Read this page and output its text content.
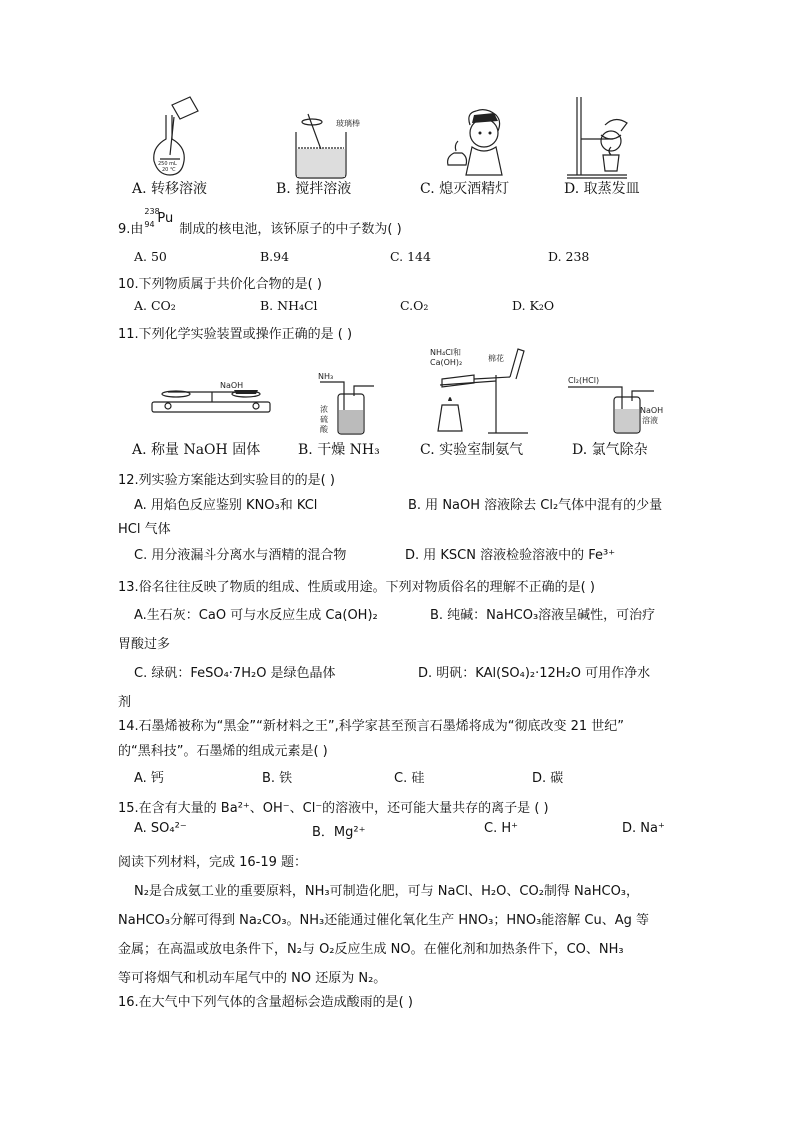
250 mL
20 ℃
玻璃棒
A. 转移溶液	B. 搅拌溶液	C. 熄灭酒精灯	D. 取蒸发皿
9.由
238
94 Pu
制成的核电池，该钚原子的中子数为( )
A. 50	B.94	C. 144	D. 238
10.下列物质属于共价化合物的是( )
A. CO₂	B. NH₄Cl	C.O₂	D. K₂O
11.下列化学实验装置或操作正确的是 ( )
NaOH
NH₃
浓
硫
酸
NH₄Cl和
Ca(OH)₂	棉花
Cl₂(HCl)
NaOH
溶液
A. 称量 NaOH 固体	B. 干燥 NH₃	C. 实验室制氨气	D. 氯气除杂
12.列实验方案能达到实验目的的是( )
A. 用焰色反应鉴别 KNO₃和 KCl	B. 用 NaOH 溶液除去 Cl₂气体中混有的少量
HCl 气体
C. 用分液漏斗分离水与酒精的混合物	D. 用 KSCN 溶液检验溶液中的 Fe³⁺
13.俗名往往反映了物质的组成、性质或用途。下列对物质俗名的理解不正确的是( )
A.生石灰：CaO 可与水反应生成 Ca(OH)₂	B. 纯碱：NaHCO₃溶液呈碱性，可治疗
胃酸过多
C. 绿矾：FeSO₄·7H₂O 是绿色晶体	D. 明矾：KAl(SO₄)₂·12H₂O 可用作净水
剂
14.石墨烯被称为“黑金”“新材料之王”,科学家甚至预言石墨烯将成为“彻底改变 21 世纪”
的“黑科技”。石墨烯的组成元素是( )
A. 钙	B. 铁	C. 硅	D. 碳
15.在含有大量的 Ba²⁺、OH⁻、Cl⁻的溶液中，还可能大量共存的离子是 ( )
A. SO₄²⁻	B．Mg²⁺	C. H⁺	D. Na⁺
阅读下列材料，完成 16-19 题：
N₂是合成氨工业的重要原料，NH₃可制造化肥，可与 NaCl、H₂O、CO₂制得 NaHCO₃，
NaHCO₃分解可得到 Na₂CO₃。NH₃还能通过催化氧化生产 HNO₃；HNO₃能溶解 Cu、Ag 等
金属；在高温或放电条件下，N₂与 O₂反应生成 NO。在催化剂和加热条件下，CO、NH₃
等可将烟气和机动车尾气中的 NO 还原为 N₂。
16.在大气中下列气体的含量超标会造成酸雨的是( )
